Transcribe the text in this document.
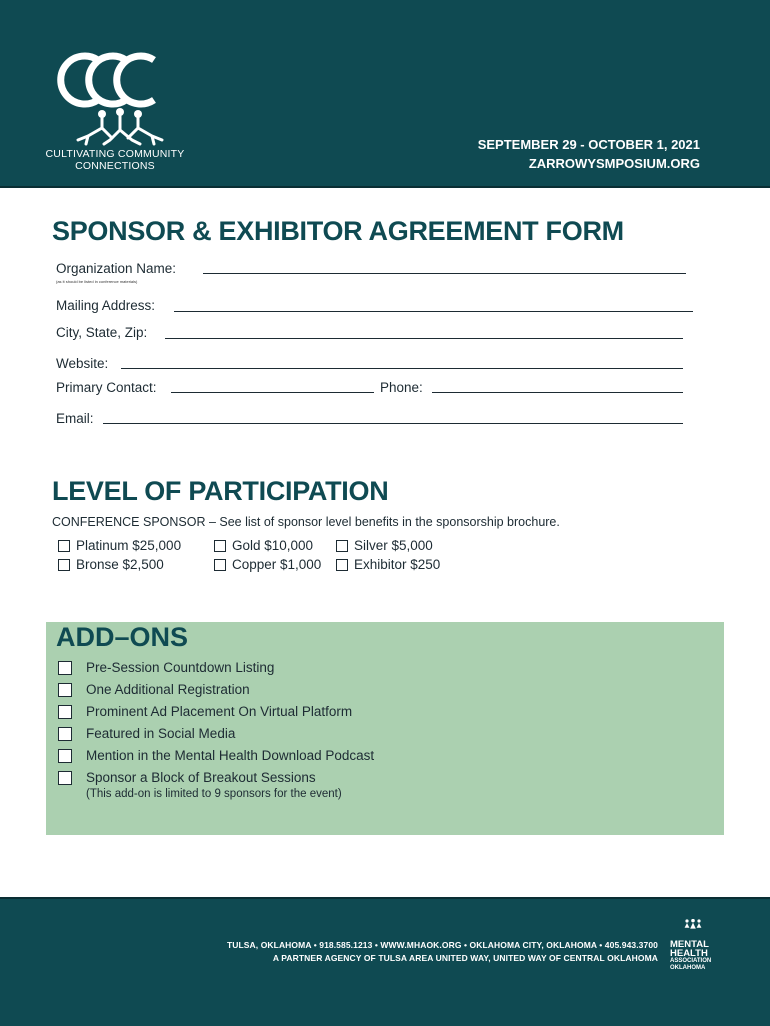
CULTIVATING COMMUNITY
CONNECTIONS
SEPTEMBER 29 - OCTOBER 1, 2021
ZARROWYSMPOSIUM.ORG
SPONSOR & EXHIBITOR AGREEMENT FORM
Organization Name:
(as it should be listed in conference materials)
Mailing Address:
City, State, Zip:
Website:
Primary Contact:	Phone:
Email:
LEVEL OF PARTICIPATION
CONFERENCE SPONSOR – See list of sponsor level benefits in the sponsorship brochure.
Platinum $25,000	Gold $10,000	Silver $5,000
Bronse $2,500	Copper $1,000 Exhibitor $250
ADD–ONS
Pre-Session Countdown Listing
One Additional Registration
Prominent Ad Placement On Virtual Platform
Featured in Social Media
Mention in the Mental Health Download Podcast
Sponsor a Block of Breakout Sessions
(This add-on is limited to 9 sponsors for the event)
TULSA, OKLAHOMA • 918.585.1213 • WWW.MHAOK.ORG • OKLAHOMA CITY, OKLAHOMA • 405.943.3700
A PARTNER AGENCY OF TULSA AREA UNITED WAY, UNITED WAY OF CENTRAL OKLAHOMA
MENTAL
HEALTH
ASSOCIATION
OKLAHOMA
